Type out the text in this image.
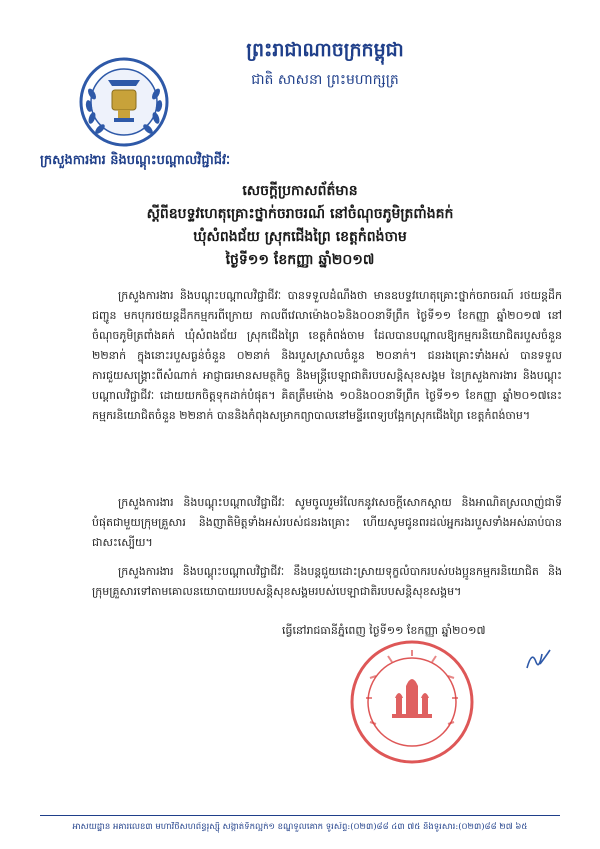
ព្រះរាជាណាចក្រកម្ពុជា
ជាតិ សាសនា ព្រះមហាក្សត្រ
ក្រសួងការងារ និងបណ្តុះបណ្តាលវិជ្ជាជីវៈ
សេចក្តីប្រកាសព័ត៌មាន
ស្តីពីឧបទ្ទវហេតុគ្រោះថ្នាក់ចរាចរណ៍ នៅចំណុចភូមិត្រពាំងគក់
ឃុំសំពងជ័យ ស្រុកជើងព្រៃ ខេត្តកំពង់ចាម
ថ្ងៃទី១១ ខែកញ្ញា ឆ្នាំ២០១៧
ក្រសួងការងារ និងបណ្តុះបណ្តាលវិជ្ជាជីវៈ បានទទួលដំណឹងថា មានឧបទ្ទវហេតុគ្រោះថ្នាក់ចរាចរណ៍ រថយន្តដឹកជញ្ជូន មកបុករថយន្តដឹកកម្មករពីក្រោយ កាលពីវេលាម៉ោង០៦និង០០នាទីព្រឹក ថ្ងៃទី១១ ខែកញ្ញា ឆ្នាំ២០១៧ នៅចំណុចភូមិត្រពាំងគក់ ឃុំសំពងជ័យ ស្រុកជើងព្រៃ ខេត្តកំពង់ចាម ដែលបានបណ្តាលឱ្យកម្មករនិយោជិតរបួសចំនួន ២២នាក់ ក្នុងនោះរបួសធ្ងន់ចំនួន ០២នាក់ និងរបួសស្រាលចំនួន ២០នាក់។ ជនរងគ្រោះទាំងអស់ បានទទួលការជួយសង្គ្រោះពីសំណាក់ អាជ្ញាធរមានសមត្ថកិច្ច និងមន្ត្រីបេឡាជាតិរបបសន្តិសុខសង្គម នៃក្រសួងការងារ និងបណ្តុះបណ្តាលវិជ្ជាជីវៈ ដោយយកចិត្តទុកដាក់បំផុត។ គិតត្រឹមម៉ោង ១០និង០០នាទីព្រឹក ថ្ងៃទី១១ ខែកញ្ញា ឆ្នាំ២០១៧នេះ កម្មករនិយោជិតចំនួន ២២នាក់ បាននិងកំពុងសម្រាកព្យាបាលនៅមន្ទីរពេទ្យបង្អែកស្រុកជើងព្រៃ ខេត្តកំពង់ចាម។
ក្រសួងការងារ និងបណ្តុះបណ្តាលវិជ្ជាជីវៈ សូមចូលរួមរំលែកនូវសេចក្តីសោកស្តាយ និងអាណិតស្រលាញ់ជាទីបំផុតជាមួយក្រុមគ្រួសារ និងញាតិមិត្តទាំងអស់របស់ជនរងគ្រោះ ហើយសូមជូនពរដល់អ្នករងរបួសទាំងអស់ឆាប់បានជាសះស្បើយ។
ក្រសួងការងារ និងបណ្តុះបណ្តាលវិជ្ជាជីវៈ នឹងបន្តជួយដោះស្រាយទុក្ខលំបាករបស់បងប្អូនកម្មករនិយោជិត និងក្រុមគ្រួសារទៅតាមគោលនយោបាយរបបសន្តិសុខសង្គមរបស់បេឡាជាតិរបបសន្តិសុខសង្គម។
ធ្វើនៅរាជធានីភ្នំពេញ ថ្ងៃទី១១ ខែកញ្ញា ឆ្នាំ២០១៧
អាសយដ្ឋាន អគារលេខ៣ មហាវិថីសហព័ន្ធរុស្ស៊ី សង្កាត់ទឹកល្អក់១ ខណ្ឌទួលគោក ទូរស័ព្ទ:(០២៣)៨៨ ៤៣ ៧៥ និងទូរសារ:(០២៣)៨៨ ២៧ ៦៥
